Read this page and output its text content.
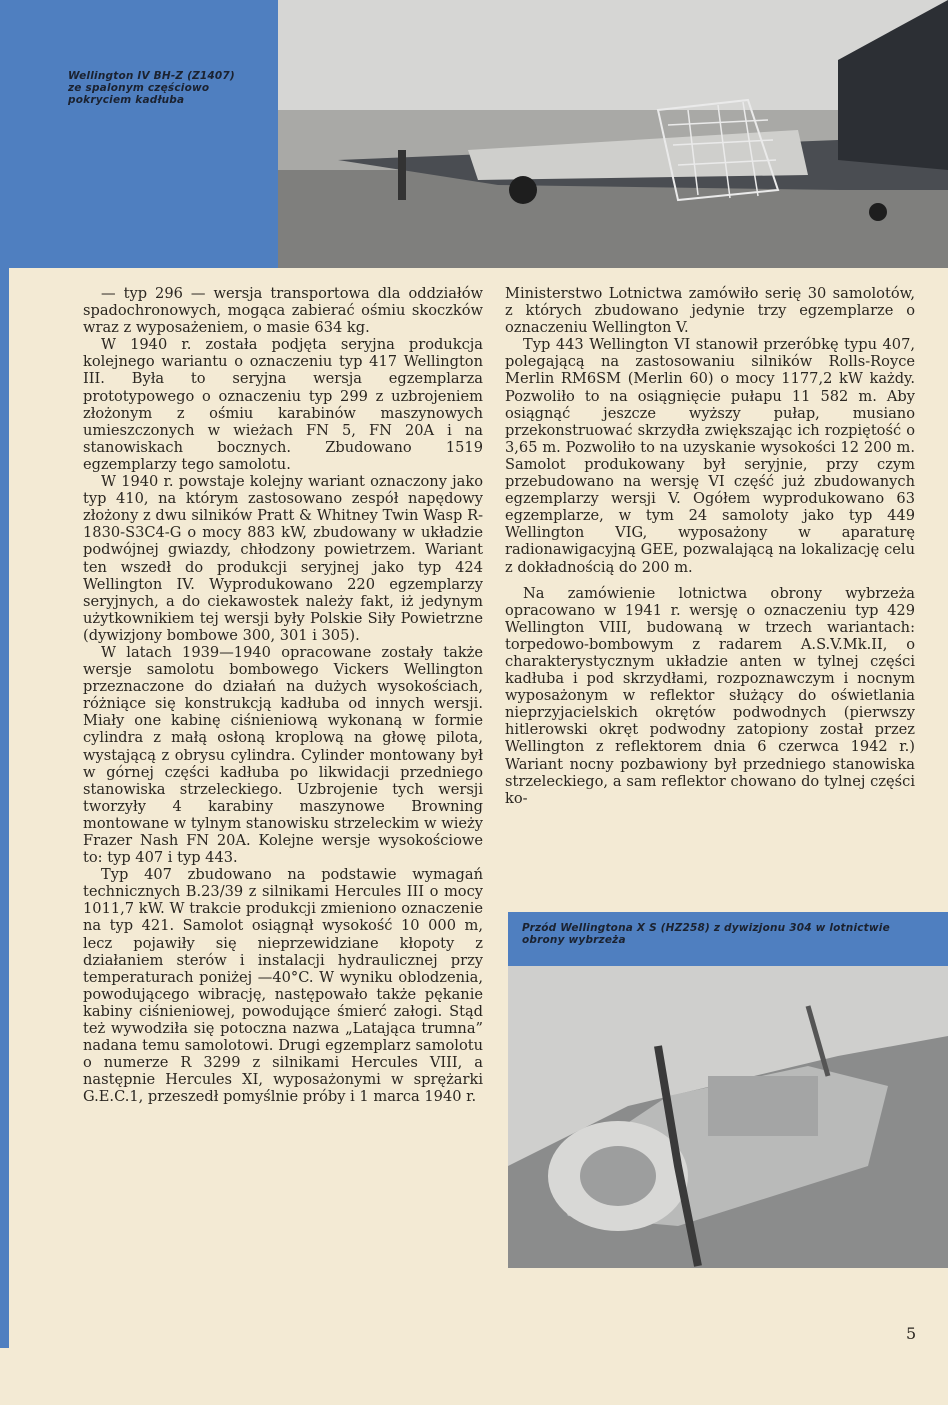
Wellington IV BH-Z (Z1407) ze spalonym częściowo pokryciem kadłuba

— typ 296 — wersja transportowa dla oddziałów spadochronowych, mogąca zabierać ośmiu skoczków wraz z wyposażeniem, o masie 634 kg.

W 1940 r. została podjęta seryjna produkcja kolejnego wariantu o oznaczeniu typ 417 Wellington III. Była to seryjna wersja egzemplarza prototypowego o oznaczeniu typ 299 z uzbrojeniem złożonym z ośmiu karabinów maszynowych umieszczonych w wieżach FN 5, FN 20A i na stanowiskach bocznych. Zbudowano 1519 egzemplarzy tego samolotu.

W 1940 r. powstaje kolejny wariant oznaczony jako typ 410, na którym zastosowano zespół napędowy złożony z dwu silników Pratt & Whitney Twin Wasp R-1830-S3C4-G o mocy 883 kW, zbudowany w układzie podwójnej gwiazdy, chłodzony powietrzem. Wariant ten wszedł do produkcji seryjnej jako typ 424 Wellington IV. Wyprodukowano 220 egzemplarzy seryjnych, a do ciekawostek należy fakt, iż jedynym użytkownikiem tej wersji były Polskie Siły Powietrzne (dywizjony bombowe 300, 301 i 305).

W latach 1939—1940 opracowane zostały także wersje samolotu bombowego Vickers Wellington przeznaczone do działań na dużych wysokościach, różniące się konstrukcją kadłuba od innych wersji. Miały one kabinę ciśnieniową wykonaną w formie cylindra z małą osłoną kroplową na głowę pilota, wystającą z obrysu cylindra. Cylinder montowany był w górnej części kadłuba po likwidacji przedniego stanowiska strzeleckiego. Uzbrojenie tych wersji tworzyły 4 karabiny maszynowe Browning montowane w tylnym stanowisku strzeleckim w wieży Frazer Nash FN 20A. Kolejne wersje wysokościowe to: typ 407 i typ 443.

Typ 407 zbudowano na podstawie wymagań technicznych B.23/39 z silnikami Hercules III o mocy 1011,7 kW. W trakcie produkcji zmieniono oznaczenie na typ 421. Samolot osiągnął wysokość 10 000 m, lecz pojawiły się nieprzewidziane kłopoty z działaniem sterów i instalacji hydraulicznej przy temperaturach poniżej —40°C. W wyniku oblodzenia, powodującego wibrację, następowało także pękanie kabiny ciśnieniowej, powodujące śmierć załogi. Stąd też wywodziła się potoczna nazwa „Latająca trumna” nadana temu samolotowi. Drugi egzemplarz samolotu o numerze R 3299 z silnikami Hercules VIII, a następnie Hercules XI, wyposażonymi w sprężarki G.E.C.1, przeszedł pomyślnie próby i 1 marca 1940 r.

Ministerstwo Lotnictwa zamówiło serię 30 samolotów, z których zbudowano jedynie trzy egzemplarze o oznaczeniu Wellington V.

Typ 443 Wellington VI stanowił przeróbkę typu 407, polegającą na zastosowaniu silników Rolls-Royce Merlin RM6SM (Merlin 60) o mocy 1177,2 kW każdy. Pozwoliło to na osiągnięcie pułapu 11 582 m. Aby osiągnąć jeszcze wyższy pułap, musiano przekonstruować skrzydła zwiększając ich rozpiętość o 3,65 m. Pozwoliło to na uzyskanie wysokości 12 200 m. Samolot produkowany był seryjnie, przy czym przebudowano na wersję VI część już zbudowanych egzemplarzy wersji V. Ogółem wyprodukowano 63 egzemplarze, w tym 24 samoloty jako typ 449 Wellington VIG, wyposażony w aparaturę radionawigacyjną GEE, pozwalającą na lokalizację celu z dokładnością do 200 m.

Na zamówienie lotnictwa obrony wybrzeża opracowano w 1941 r. wersję o oznaczeniu typ 429 Wellington VIII, budowaną w trzech wariantach: torpedowo-bombowym z radarem A.S.V.Mk.II, o charakterystycznym układzie anten w tylnej części kadłuba i pod skrzydłami, rozpoznawczym i nocnym wyposażonym w reflektor służący do oświetlania nieprzyjacielskich okrętów podwodnych (pierwszy hitlerowski okręt podwodny zatopiony został przez Wellington z reflektorem dnia 6 czerwca 1942 r.) Wariant nocny pozbawiony był przedniego stanowiska strzeleckiego, a sam reflektor chowano do tylnej części ko-

Przód Wellingtona X S (HZ258) z dywizjonu 304 w lotnictwie obrony wybrzeża
5
